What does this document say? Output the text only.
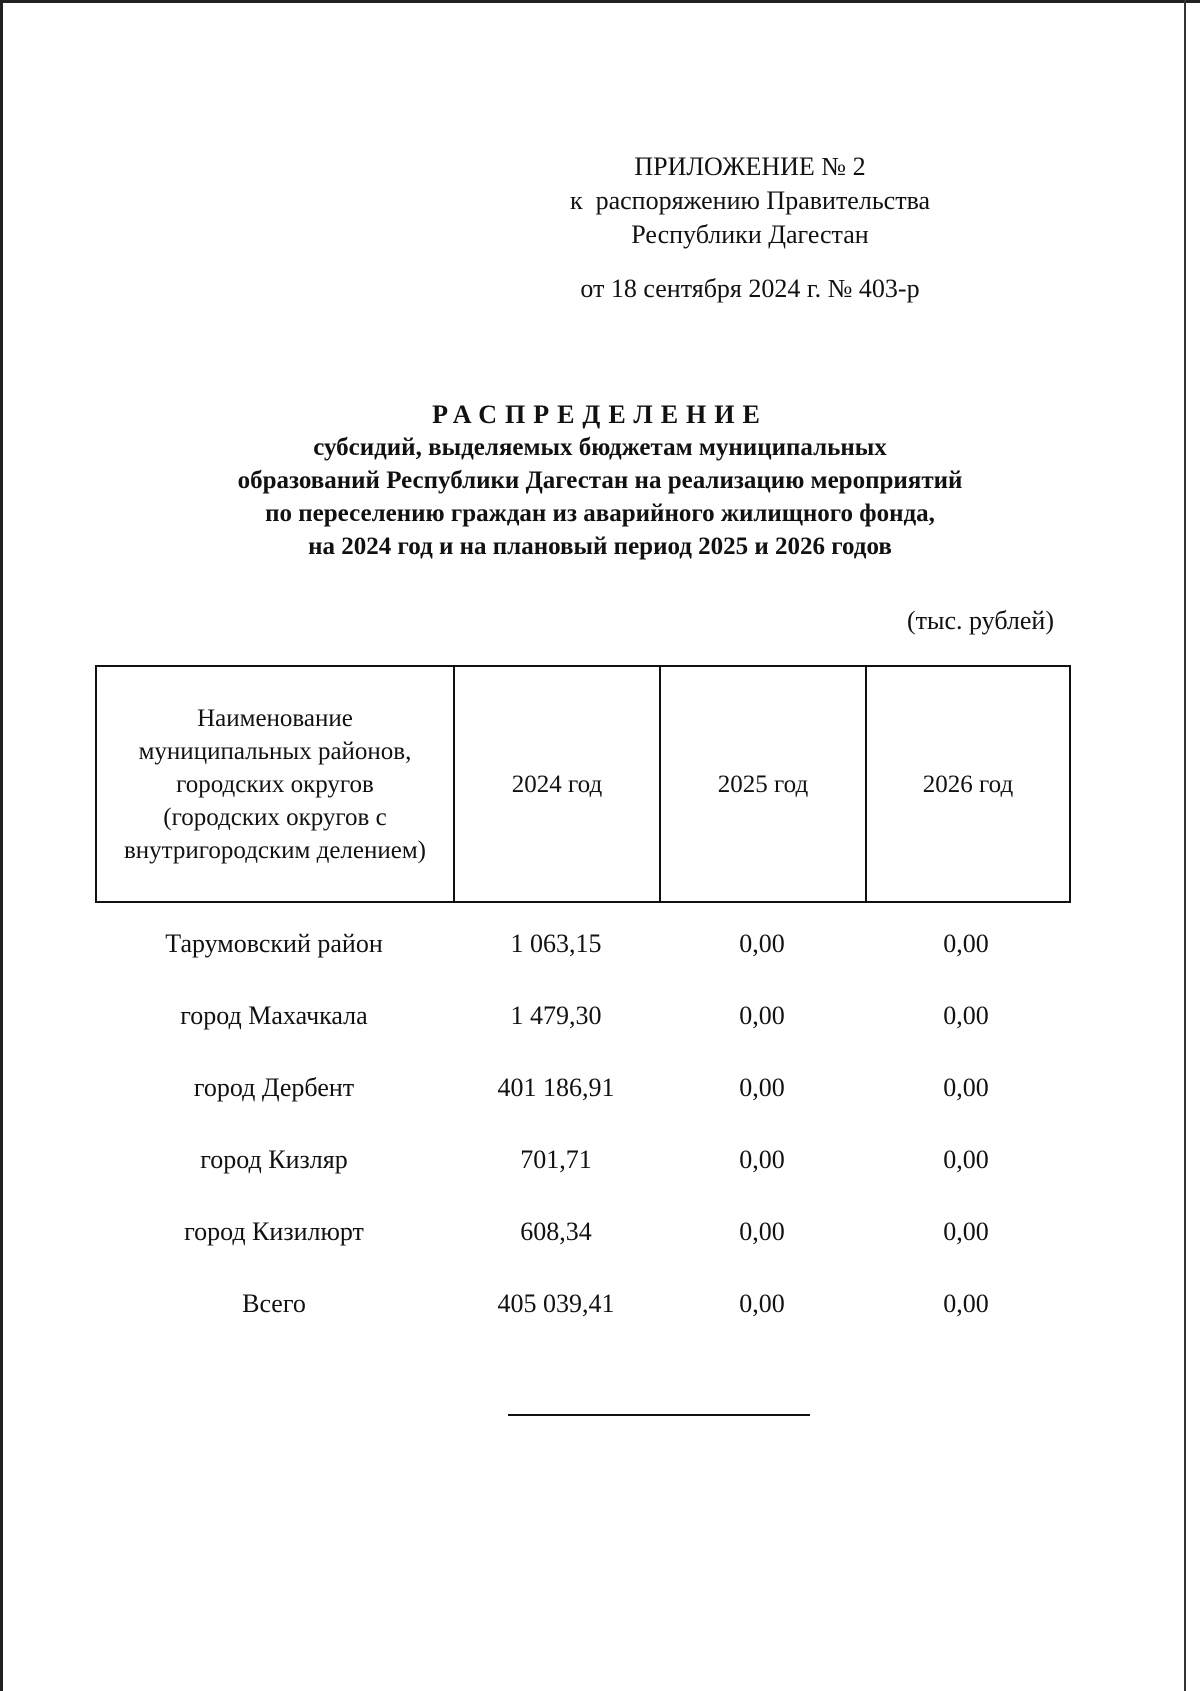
ПРИЛОЖЕНИЕ № 2
к  распоряжению Правительства
Республики Дагестан
от 18 сентября 2024 г. № 403-р
РАСПРЕДЕЛЕНИЕ
субсидий, выделяемых бюджетам муниципальных
образований Республики Дагестан на реализацию мероприятий
по переселению граждан из аварийного жилищного фонда,
на 2024 год и на плановый период 2025 и 2026 годов
(тыс. рублей)
Наименование
муниципальных районов,
городских округов
(городских округов с
внутригородским делением)
2024 год	2025 год	2026 год
Тарумовский район	1 063,15	0,00	0,00
город Махачкала	1 479,30	0,00	0,00
город Дербент	401 186,91	0,00	0,00
город Кизляр	701,71	0,00	0,00
город Кизилюрт	608,34	0,00	0,00
Всего	405 039,41	0,00	0,00
